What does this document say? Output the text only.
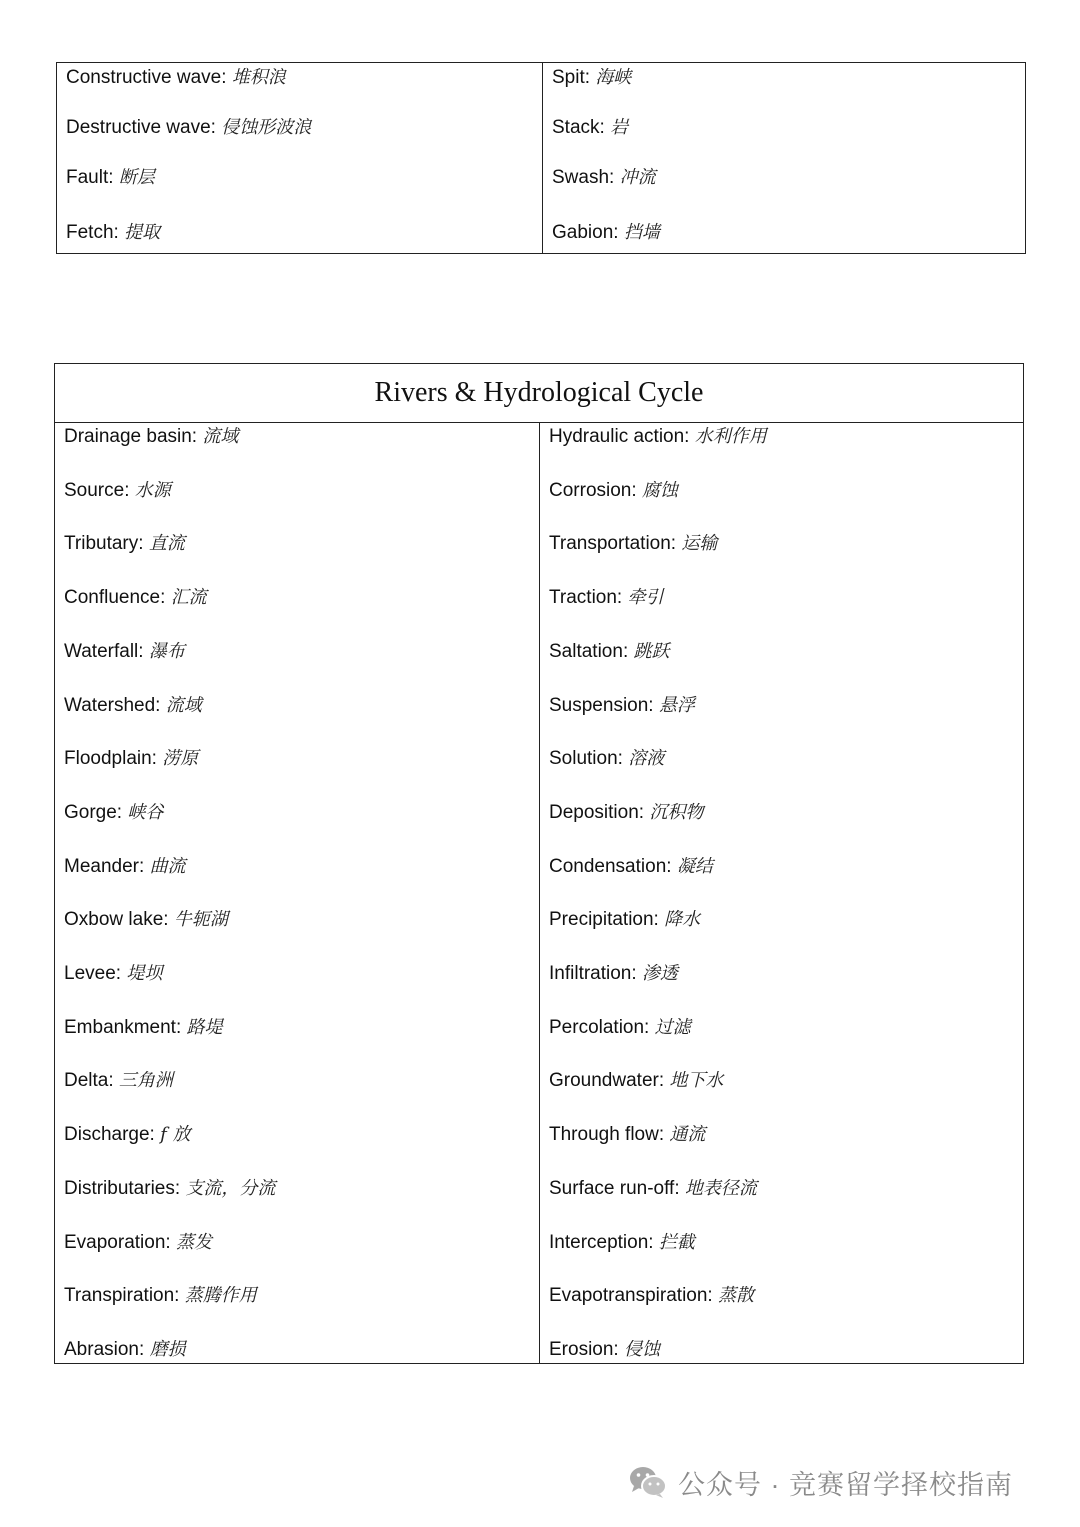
Constructive wave: 堆积浪
Destructive wave: 侵蚀形波浪
Fault: 断层
Fetch: 提取
Spit: 海峡
Stack: 岩
Swash: 冲流
Gabion: 挡墙
Rivers & Hydrological Cycle
Drainage basin: 流域
Source: 水源
Tributary: 直流
Confluence: 汇流
Waterfall: 瀑布
Watershed: 流域
Floodplain: 涝原
Gorge: 峡谷
Meander: 曲流
Oxbow lake: 牛轭湖
Levee: 堤坝
Embankment: 路堤
Delta: 三角洲
Discharge: f 放
Distributaries: 支流，分流
Evaporation: 蒸发
Transpiration: 蒸腾作用
Abrasion: 磨损
Hydraulic action: 水利作用
Corrosion: 腐蚀
Transportation: 运输
Traction: 牵引
Saltation: 跳跃
Suspension: 悬浮
Solution: 溶液
Deposition: 沉积物
Condensation: 凝结
Precipitation: 降水
Infiltration: 渗透
Percolation: 过滤
Groundwater: 地下水
Through flow: 通流
Surface run-off: 地表径流
Interception: 拦截
Evapotranspiration: 蒸散
Erosion: 侵蚀
公众号 · 竞赛留学择校指南
